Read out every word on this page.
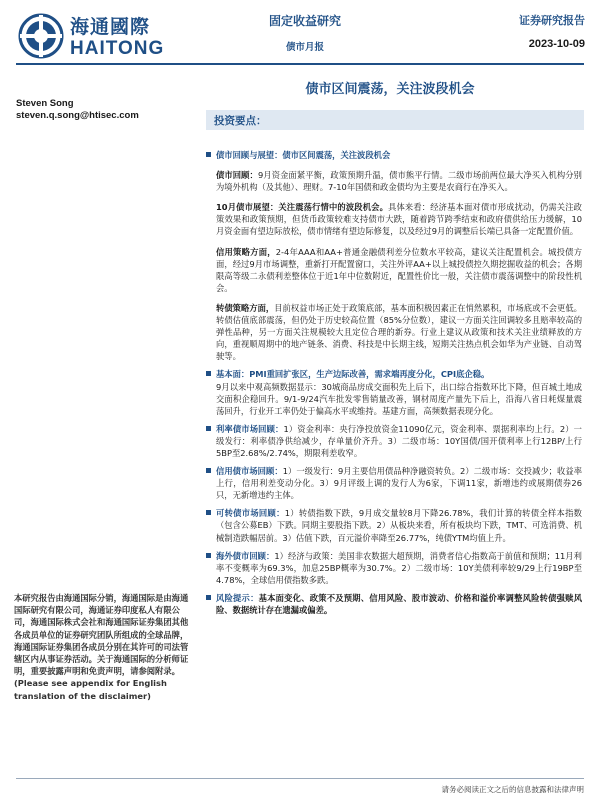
海通國際
HAITONG
固定收益研究
债市月报
证券研究报告
2023-10-09
债市区间震荡，关注波段机会
Steven Song
steven.q.song@htisec.com	投资要点：

债市回顾与展望：债市区间震荡，关注波段机会

债市回顾：9月资金面紧平衡，政策预期升温，债市熊平行情。二级市场前两位最大净买入机构分别为境外机构（及其他）、理财。7-10年国债和政金债均为主要是农商行在净买入。

10月债市展望：关注震荡行情中的波段机会。具体来看：经济基本面对债市形成扰动，仍需关注政策效果和政策预期，但货币政策较难支持债市大跌，随着跨节跨季结束和政府债供给压力缓解，10月资金面有望边际放松，债市情绪有望边际修复，以及经过9月的调整后长端已具备一定配置价值。

信用策略方面，2-4年AAA和AA+普通金融债利差分位数水平较高，建议关注配置机会。城投债方面，经过9月市场调整，重新打开配置窗口，关注外评AA+以上城投债控久期挖掘收益的机会；各期限高等级二永债利差整体位于近1年中位数附近，配置性价比一般，关注债市震荡调整中的阶段性机会。

转债策略方面，目前权益市场正处于政策底部，基本面积极因素正在悄然累积，市场底或不会更低。转债估值底部震荡，但仍处于历史较高位置（85%分位数），建议一方面关注回调较多且赔率较高的弹性品种，另一方面关注规模较大且定位合理的新券。行业上建议从政策和技术关注业绩释放的方向，重视顺周期中的地产链条、消费、科技是中长期主线，短期关注热点机会如华为产业链、自动驾驶等。

基本面：PMI重回扩张区，生产边际改善，需求端再度分化，CPI底企稳。

9月以来中观高频数据显示：30城商品房成交面积先上后下，出口综合指数环比下降，但百城土地成交面积企稳回升。9/1-9/24汽车批发零售销量改善，钢材周度产量先下后上，沿海八省日耗煤量震荡回升，行业开工率仍处于偏高水平或维持。基建方面，高频数据表现分化。

利率债市场回顾：1）资金利率：央行净投放资金11090亿元，资金利率、票据利率均上行。2）一级发行：利率债净供给减少，存单量价齐升。3）二级市场：10Y国债/国开债利率上行12BP/上行5BP至2.68%/2.74%，期限利差收窄。

信用债市场回顾：1）一级发行：9月主要信用债品种净融资转负。2）二级市场：交投减少；收益率上行，信用利差变动分化。3）9月评级上调的发行人为6家，下调11家，新增违约或展期债券26只，无新增违约主体。

可转债市场回顾：1）转债指数下跌，9月成交量较8月下降26.78%，我们计算的转债全样本指数（包含公募EB）下跌。同期主要股指下跌。2）从板块来看，所有板块均下跌，TMT、可选消费、机械制造跌幅居前。3）估值下跌，百元溢价率降至26.77%，纯债YTM均值上升。

海外债市回顾：1）经济与政策：美国非农数据大超预期，消费者信心指数高于前值和预期；11月利率不变概率为69.3%，加息25BP概率为30.7%。2）二级市场：10Y美债利率较9/29上行19BP至4.78%，全球信用债指数多跌。

风险提示：基本面变化、政策不及预期、信用风险、股市波动、价格和溢价率调整风险转债强赎风险、数据统计存在遗漏或偏差。

本研究报告由海通国际分销，海通国际是由海通国际研究有限公司，海通证券印度私人有限公司，海通国际株式会社和海通国际证券集团其他各成员单位的证券研究团队所组成的全球品牌，海通国际证券集团各成员分别在其许可的司法管辖区内从事证券活动。关于海通国际的分析师证明，重要披露声明和免责声明，请参阅附录。(Please see appendix for English translation of the disclaimer)
请务必阅读正文之后的信息披露和法律声明
